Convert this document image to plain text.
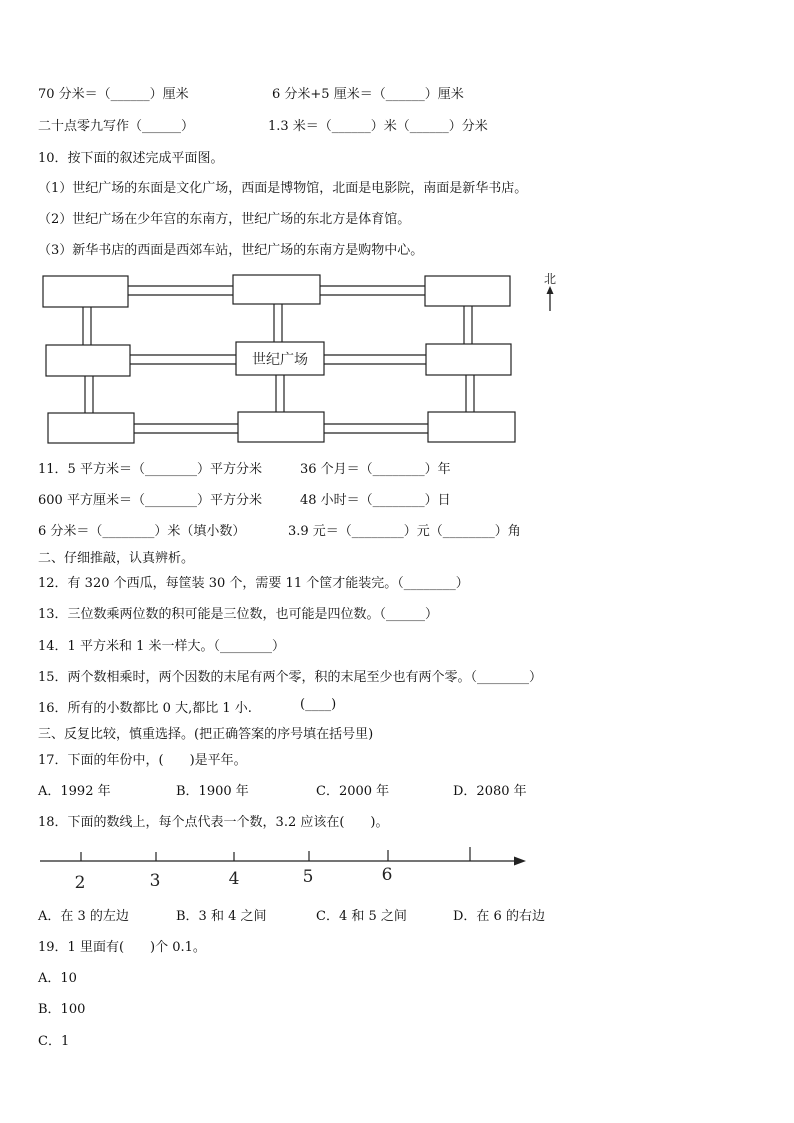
70 分米＝（______）厘米	6 分米+5 厘米＝（______）厘米
二十点零九写作（______）	1.3 米＝（______）米（______）分米
10．按下面的叙述完成平面图。
（1）世纪广场的东面是文化广场，西面是博物馆，北面是电影院，南面是新华书店。
（2）世纪广场在少年宫的东南方，世纪广场的东北方是体育馆。
（3）新华书店的西面是西郊车站，世纪广场的东南方是购物中心。
世纪广场
北
11．5 平方米＝（________）平方分米	36 个月＝（________）年
600 平方厘米＝（________）平方分米	48 小时＝（________）日
6 分米＝（________）米（填小数）	3.9 元＝（________）元（________）角
二、仔细推敲，认真辨析。
12．有 320 个西瓜，每筐装 30 个，需要 11 个筐才能装完。（________）
13．三位数乘两位数的积可能是三位数，也可能是四位数。（______）
14．1 平方米和 1 米一样大。（________）
15．两个数相乘时，两个因数的末尾有两个零，积的末尾至少也有两个零。（________）
16．所有的小数都比 0 大,都比 1 小.	(____)
三、反复比较，慎重选择。(把正确答案的序号填在括号里)
17．下面的年份中，(　　)是平年。
A．1992 年	B．1900 年	C．2000 年	D．2080 年
18．下面的数线上，每个点代表一个数，3.2 应该在(　　)。
2	3	4	5	6
A．在 3 的左边	B．3 和 4 之间	C．4 和 5 之间	D．在 6 的右边
19．1 里面有(　　)个 0.1。
A．10
B．100
C．1
